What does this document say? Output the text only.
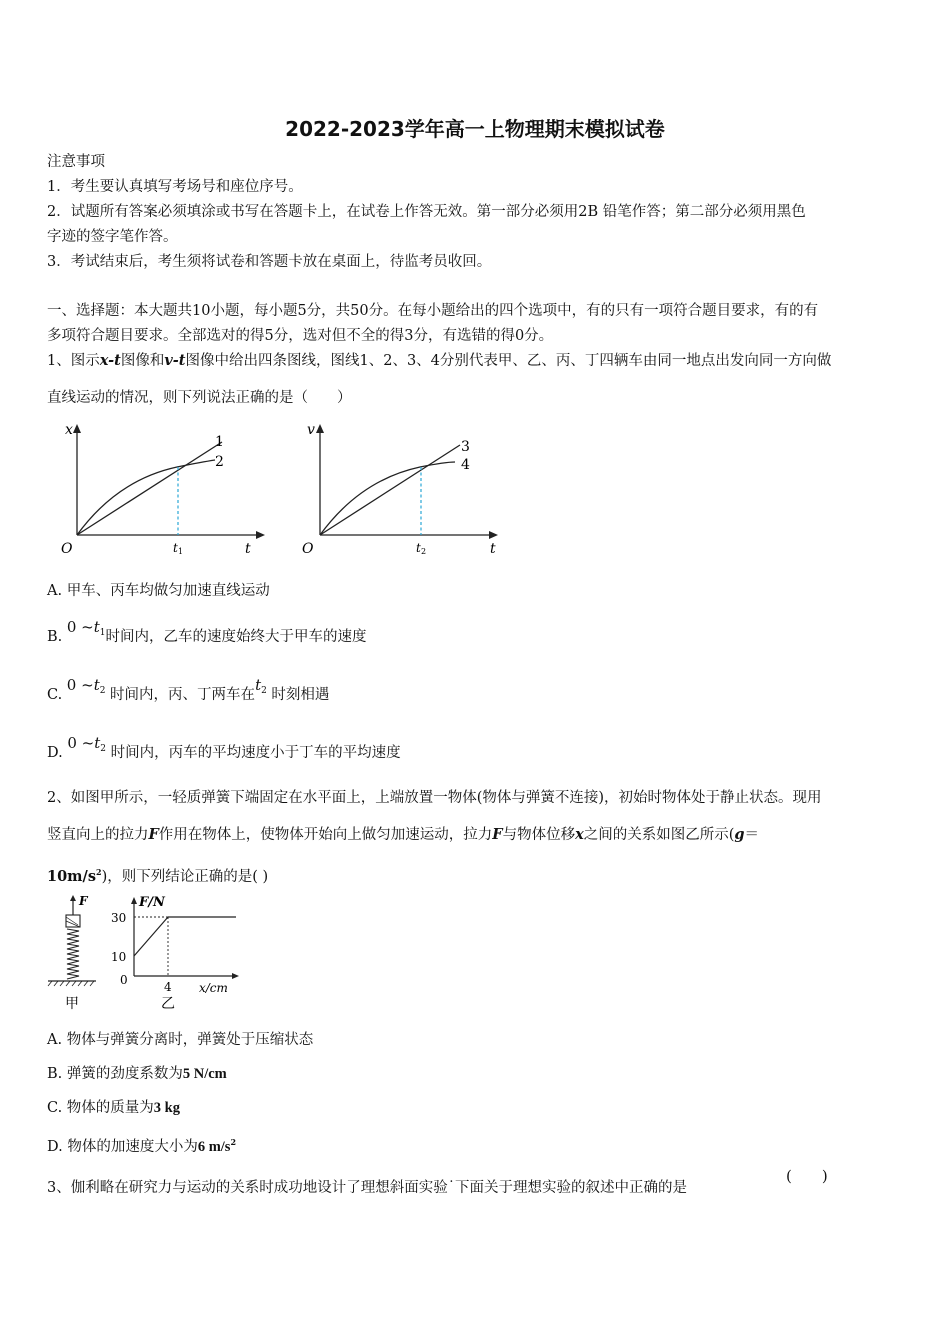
2022-2023学年高一上物理期末模拟试卷
注意事项
1．考生要认真填写考场号和座位序号。
2．试题所有答案必须填涂或书写在答题卡上，在试卷上作答无效。第一部分必须用2B 铅笔作答；第二部分必须用黑色
字迹的签字笔作答。
3．考试结束后，考生须将试卷和答题卡放在桌面上，待监考员收回。
一、选择题：本大题共10小题，每小题5分，共50分。在每小题给出的四个选项中，有的只有一项符合题目要求，有的有
多项符合题目要求。全部选对的得5分，选对但不全的得3分，有选错的得0分。
1、图示x-t图像和v-t图像中给出四条图线，图线1、2、3、4分别代表甲、乙、丙、丁四辆车由同一地点出发向同一方向做
直线运动的情况，则下列说法正确的是（　　）
x
t
O	t 1
1
2
v
t
O	t 2
3
4
A. 甲车、丙车均做匀加速直线运动
B. 0 $\sim t_1$时间内，乙车的速度始终大于甲车的速度
C. 0 $\sim t_2$ 时间内，丙、丁两车在$t_2$ 时刻相遇
D. 0 $\sim t_2$ 时间内，丙车的平均速度小于丁车的平均速度
2、如图甲所示，一轻质弹簧下端固定在水平面上，上端放置一物体(物体与弹簧不连接)，初始时物体处于静止状态。现用
竖直向上的拉力F作用在物体上，使物体开始向上做匀加速运动，拉力F与物体位移x之间的关系如图乙所示(g＝
$10m/s^2$)，则下列结论正确的是( )
F
甲
F/N
30
10
0	4
乙
x/cm
A. 物体与弹簧分离时，弹簧处于压缩状态
B. 弹簧的劲度系数为5 N/cm
C. 物体的质量为3 kg
D. 物体的加速度大小为6 $m/s^2$
3、伽利略在研究力与运动的关系时成功地设计了理想斜面实验˙下面关于理想实验的叙述中正确的是
(　　)
